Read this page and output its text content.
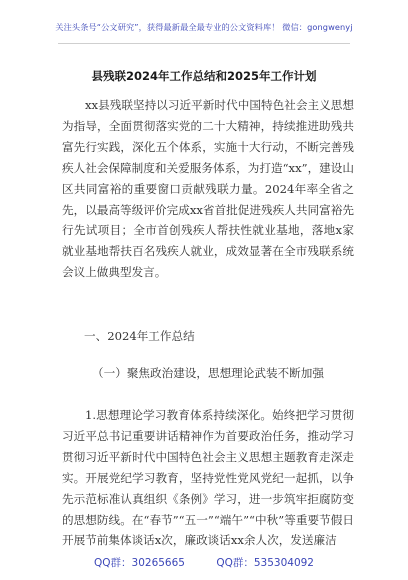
关注头条号“公文研究”，获得最新最全最专业的公文资料库！ 微信：gongwenyj
县残联2024年工作总结和2025年工作计划
xx县残联坚持以习近平新时代中国特色社会主义思想为指导，全面贯彻落实党的二十大精神，持续推进助残共富先行实践，深化五个体系，实施十大行动，不断完善残疾人社会保障制度和关爱服务体系，为打造“xx”，建设山区共同富裕的重要窗口贡献残联力量。2024年率全省之先，以最高等级评价完成xx省首批促进残疾人共同富裕先行先试项目；全市首创残疾人帮扶性就业基地，落地x家就业基地帮扶百名残疾人就业，成效显著在全市残联系统会议上做典型发言。
一、2024年工作总结
（一）聚焦政治建设，思想理论武装不断加强
1.思想理论学习教育体系持续深化。始终把学习贯彻习近平总书记重要讲话精神作为首要政治任务，推动学习贯彻习近平新时代中国特色社会主义思想主题教育走深走实。开展党纪学习教育，坚持党性党风党纪一起抓，以争先示范标准认真组织《条例》学习，进一步筑牢拒腐防变的思想防线。在“春节”“五一”“端午”“中秋”等重要节假日开展节前集体谈话x次，廉政谈话xx余人次，发送廉洁
QQ群：30265665	QQ群：535304092
